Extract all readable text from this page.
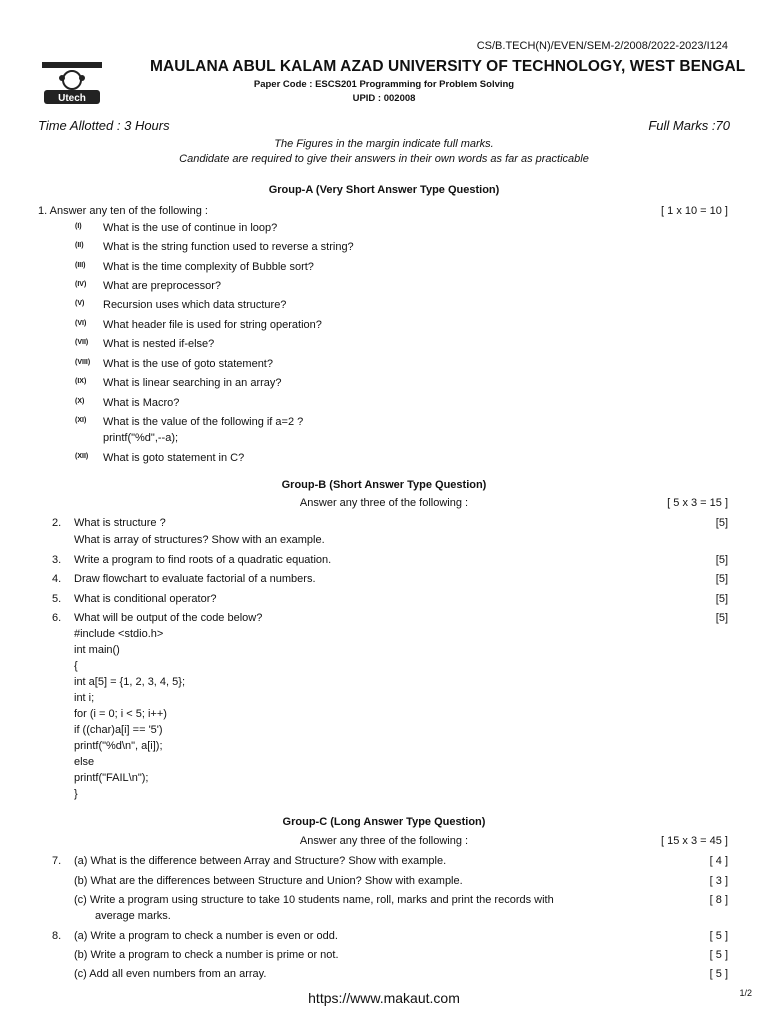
CS/B.TECH(N)/EVEN/SEM-2/2008/2022-2023/I124
Utech
MAULANA ABUL KALAM AZAD UNIVERSITY OF TECHNOLOGY, WEST BENGAL
Paper Code : ESCS201 Programming for Problem Solving
UPID : 002008
Time Allotted : 3 Hours	Full Marks :70
The Figures in the margin indicate full marks.
Candidate are required to give their answers in their own words as far as practicable
Group-A (Very Short Answer Type Question)
1. Answer any ten of the following :	[ 1 x 10 = 10 ]
(I) What is the use of continue in loop?
(II) What is the string function used to reverse a string?
(III) What is the time complexity of Bubble sort?
(IV) What are preprocessor?
(V) Recursion uses which data structure?
(VI) What header file is used for string operation?
(VII) What is nested if-else?
(VIII) What is the use of goto statement?
(IX) What is linear searching in an array?
(X) What is Macro?
(XI) What is the value of the following if a=2 ?
(XII) What is goto statement in C?
printf("%d",--a);
Group-B (Short Answer Type Question)
Answer any three of the following :	[ 5 x 3 = 15 ]
2. What is structure ?	[5]
What is array of structures? Show with an example.
3. Write a program to find roots of a quadratic equation.	[5]
4. Draw flowchart to evaluate factorial of a numbers.	[5]
5. What is conditional operator?	[5]
6. What will be output of the code below?	[5]
#include <stdio.h>
int main()
{
int a[5] = {1, 2, 3, 4, 5};
int i;
for (i = 0; i < 5; i++)
if ((char)a[i] == '5')
printf("%d\n", a[i]);
else
printf("FAIL\n");
}
Group-C (Long Answer Type Question)
Answer any three of the following :	[ 15 x 3 = 45 ]
7. (a) What is the difference between Array and Structure? Show with example.	[ 4 ]
(b) What are the differences between Structure and Union? Show with example.	[ 3 ]
(c) Write a program using structure to take 10 students name, roll, marks and print the records with	[ 8 ]
average marks.
8. (a) Write a program to check a number is even or odd.	[ 5 ]
(b) Write a program to check a number is prime or not.	[ 5 ]
(c) Add all even numbers from an array.	[ 5 ]
https://www.makaut.com	1/2
